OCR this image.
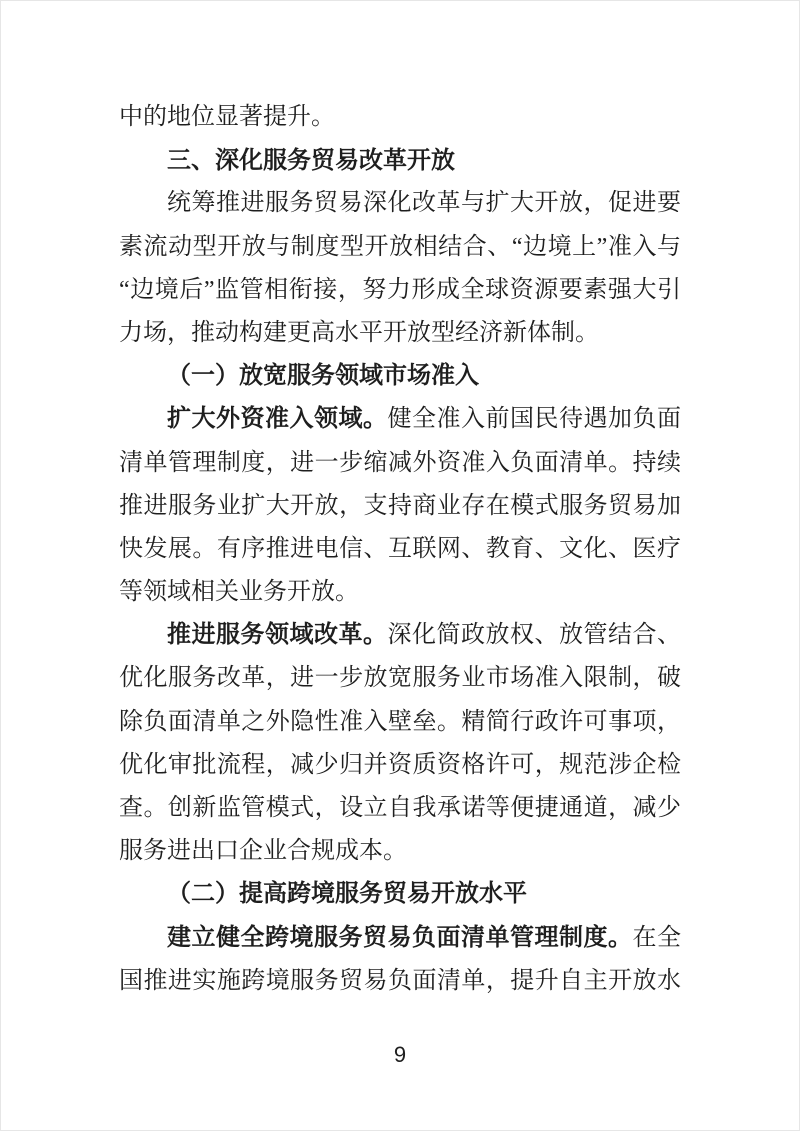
中的地位显著提升。
三、深化服务贸易改革开放
统筹推进服务贸易深化改革与扩大开放，促进要
素流动型开放与制度型开放相结合、“边境上”准入与
“边境后”监管相衔接，努力形成全球资源要素强大引
力场，推动构建更高水平开放型经济新体制。
（一）放宽服务领域市场准入
扩大外资准入领域。健全准入前国民待遇加负面
清单管理制度，进一步缩减外资准入负面清单。持续
推进服务业扩大开放，支持商业存在模式服务贸易加
快发展。有序推进电信、互联网、教育、文化、医疗
等领域相关业务开放。
推进服务领域改革。深化简政放权、放管结合、
优化服务改革，进一步放宽服务业市场准入限制，破
除负面清单之外隐性准入壁垒。精简行政许可事项，
优化审批流程，减少归并资质资格许可，规范涉企检
查。创新监管模式，设立自我承诺等便捷通道，减少
服务进出口企业合规成本。
（二）提高跨境服务贸易开放水平
建立健全跨境服务贸易负面清单管理制度。在全
国推进实施跨境服务贸易负面清单，提升自主开放水
9
